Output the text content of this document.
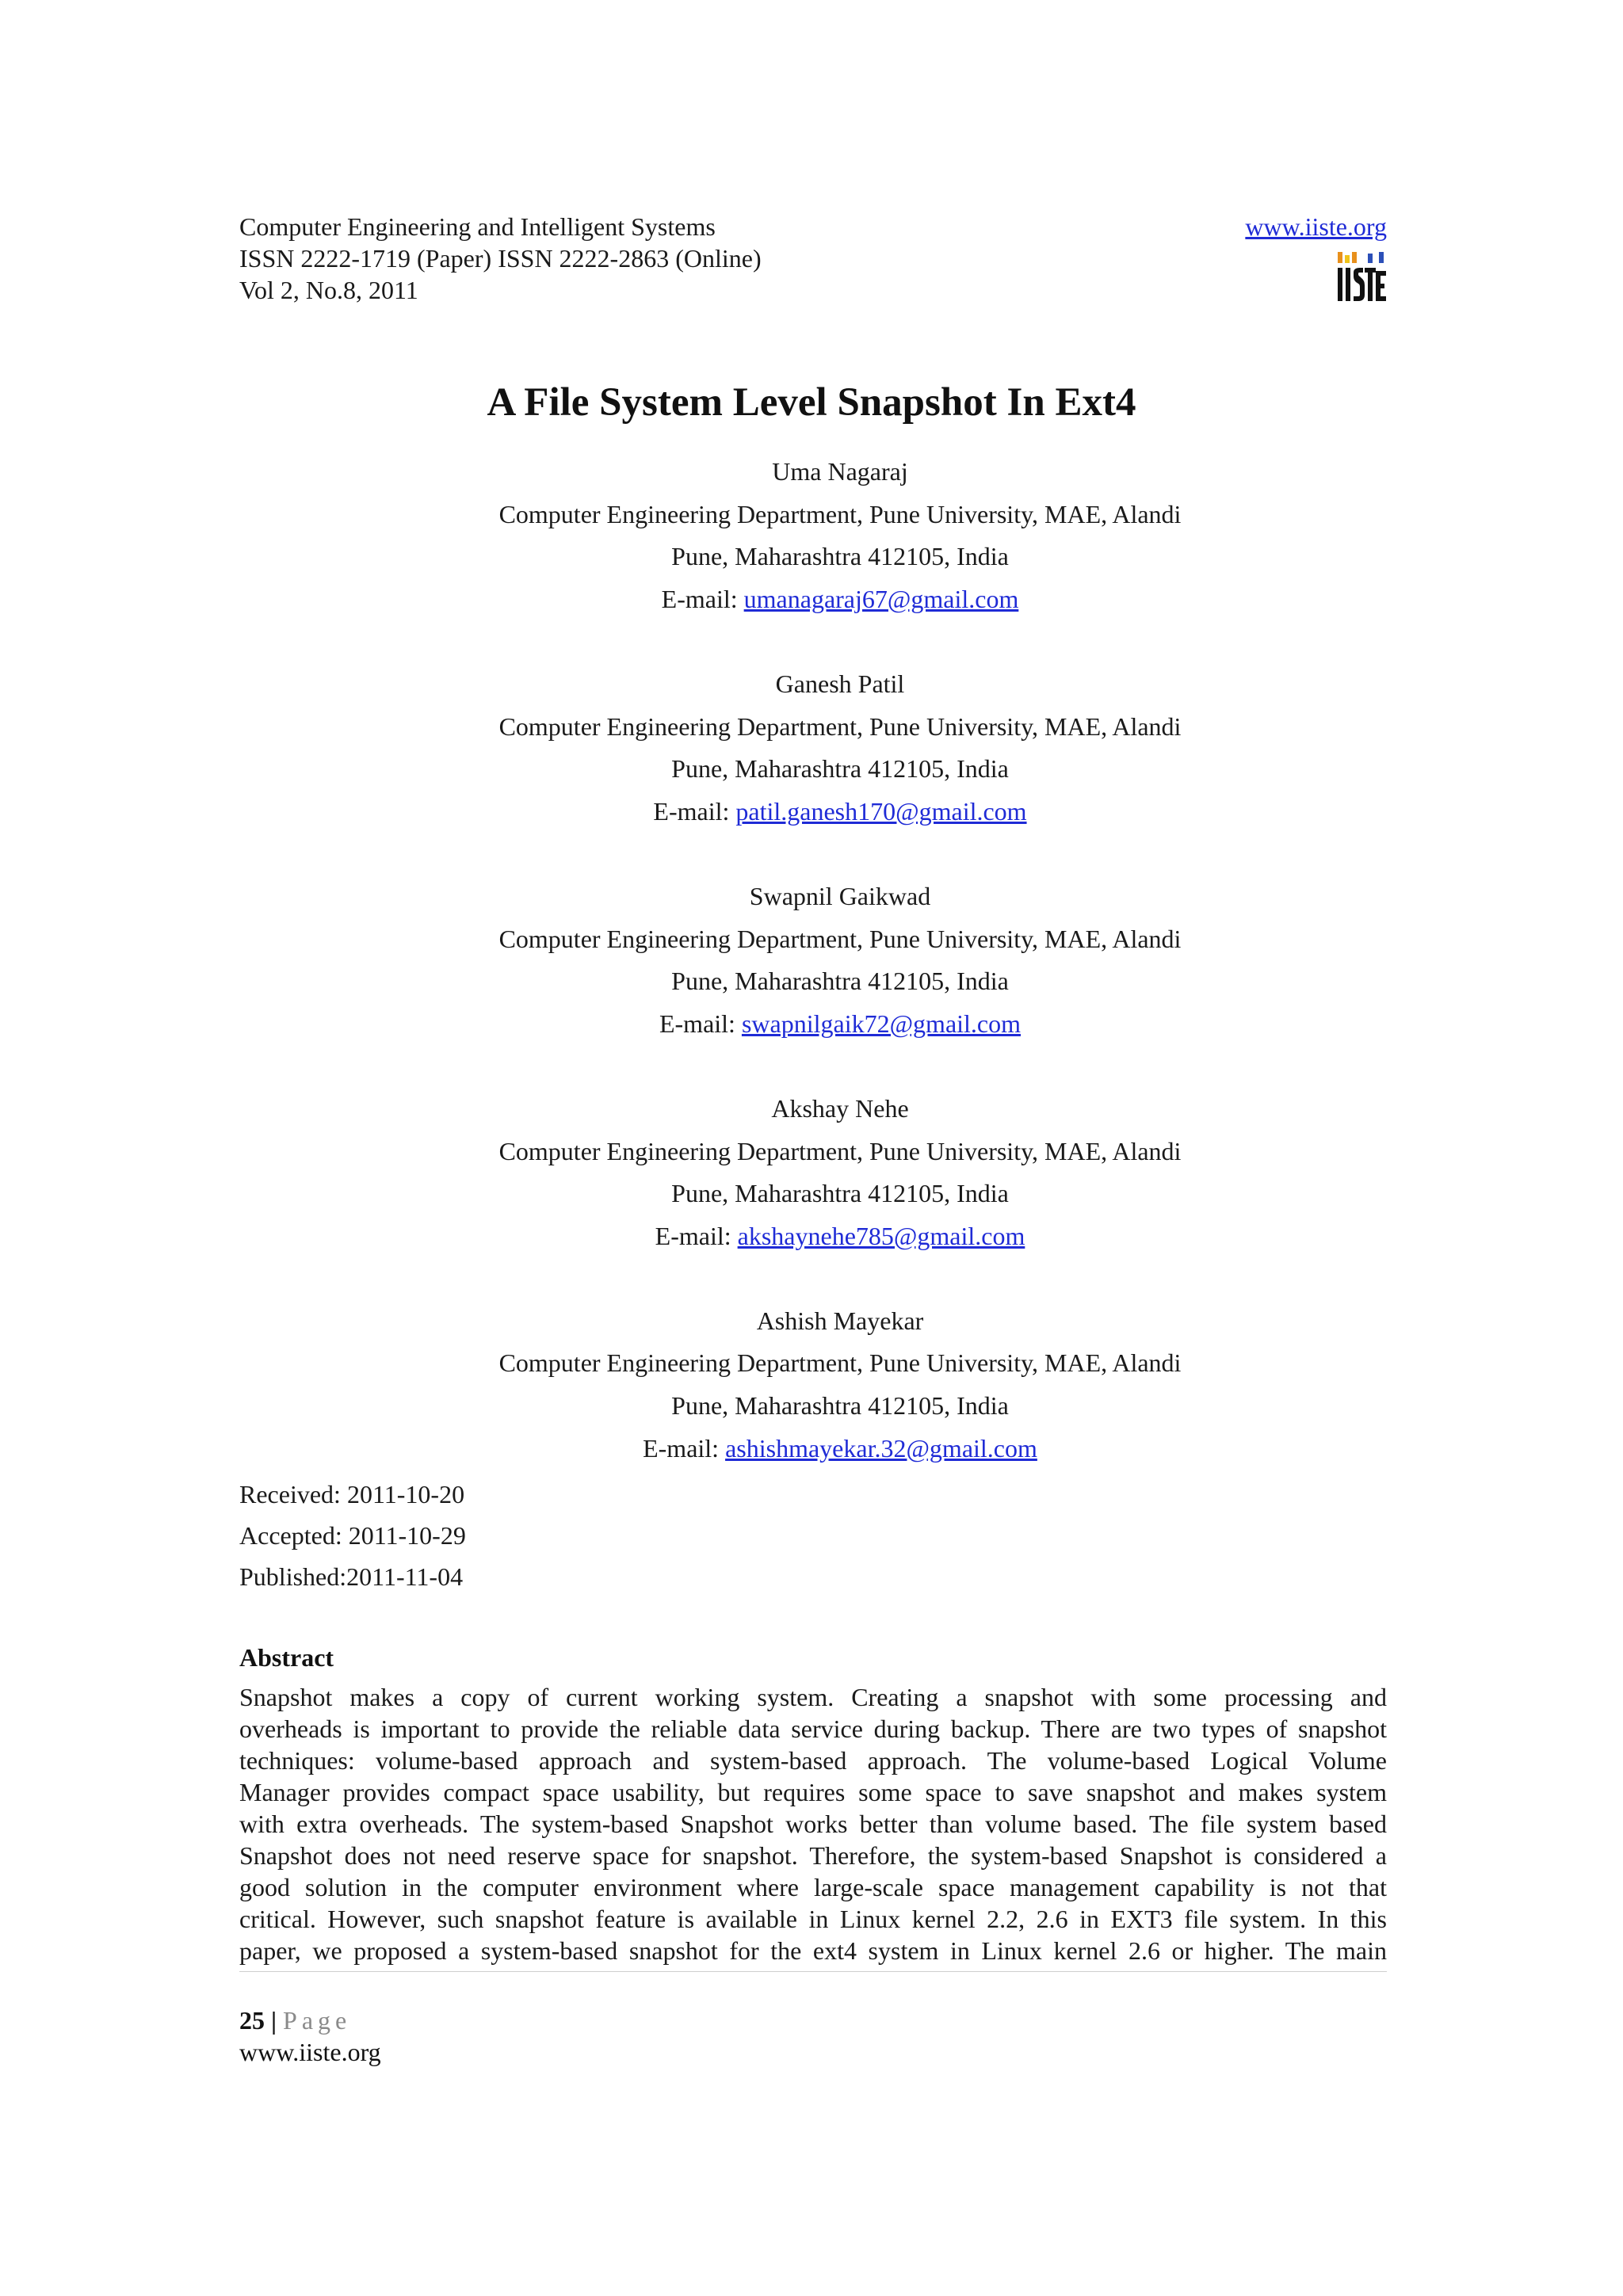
Computer Engineering and Intelligent Systems
ISSN 2222-1719 (Paper) ISSN 2222-2863 (Online)
Vol 2, No.8, 2011
www.iiste.org
A File System Level Snapshot In Ext4
Uma Nagaraj
Computer Engineering Department, Pune University, MAE, Alandi
Pune, Maharashtra 412105, India
E-mail: umanagaraj67@gmail.com
Ganesh Patil
Computer Engineering Department, Pune University, MAE, Alandi
Pune, Maharashtra 412105, India
E-mail: patil.ganesh170@gmail.com
Swapnil Gaikwad
Computer Engineering Department, Pune University, MAE, Alandi
Pune, Maharashtra 412105, India
E-mail: swapnilgaik72@gmail.com
Akshay Nehe
Computer Engineering Department, Pune University, MAE, Alandi
Pune, Maharashtra 412105, India
E-mail: akshaynehe785@gmail.com
Ashish Mayekar
Computer Engineering Department, Pune University, MAE, Alandi
Pune, Maharashtra 412105, India
E-mail: ashishmayekar.32@gmail.com
Received: 2011-10-20
Accepted: 2011-10-29
Published:2011-11-04
Abstract
Snapshot makes a copy of current working system. Creating a snapshot with some processing and
overheads is important to provide the reliable data service during backup. There are two types of snapshot
techniques: volume-based approach and system-based approach. The volume-based Logical Volume
Manager provides compact space usability, but requires some space to save snapshot and makes system
with extra overheads. The system-based Snapshot works better than volume based. The file system based
Snapshot does not need reserve space for snapshot. Therefore, the system-based Snapshot is considered a
good solution in the computer environment where large-scale space management capability is not that
critical. However, such snapshot feature is available in Linux kernel 2.2, 2.6 in EXT3 file system. In this
paper, we proposed a system-based snapshot for the ext4 system in Linux kernel 2.6 or higher. The main
25 | Page
www.iiste.org
